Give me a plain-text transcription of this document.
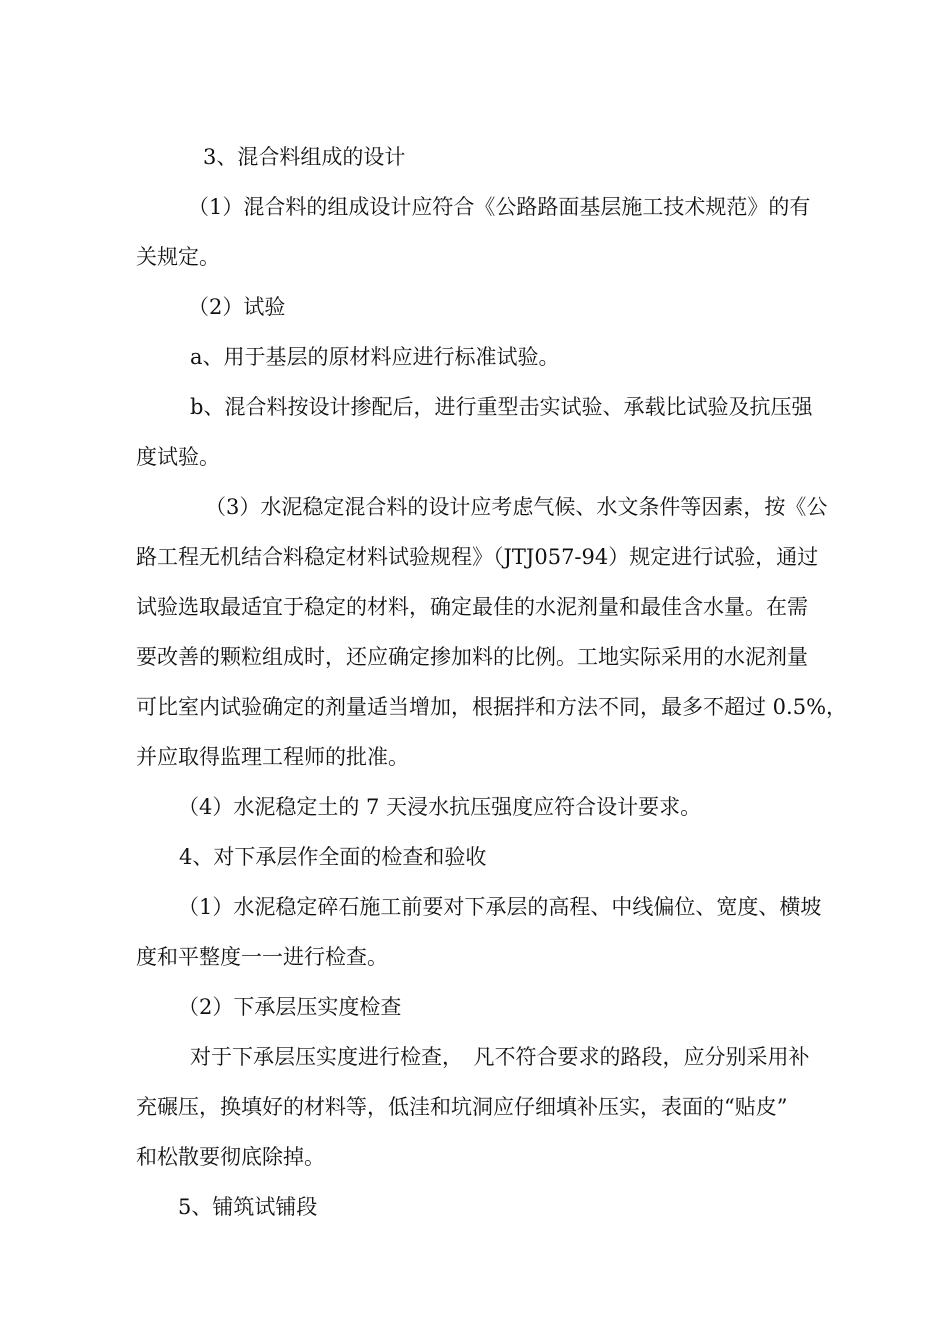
3、混合料组成的设计
（1）混合料的组成设计应符合《公路路面基层施工技术规范》的有
关规定。
（2）试验
a、用于基层的原材料应进行标准试验。
b、混合料按设计掺配后，进行重型击实试验、承载比试验及抗压强
度试验。
（3）水泥稳定混合料的设计应考虑气候、水文条件等因素，按《公
路工程无机结合料稳定材料试验规程》（JTJ057-94）规定进行试验，通过
试验选取最适宜于稳定的材料，确定最佳的水泥剂量和最佳含水量。在需
要改善的颗粒组成时，还应确定掺加料的比例。工地实际采用的水泥剂量
可比室内试验确定的剂量适当增加，根据拌和方法不同，最多不超过 0.5%，
并应取得监理工程师的批准。
（4）水泥稳定土的 7 天浸水抗压强度应符合设计要求。
4、对下承层作全面的检查和验收
（1）水泥稳定碎石施工前要对下承层的高程、中线偏位、宽度、横坡
度和平整度一一进行检查。
（2）下承层压实度检查
对于下承层压实度进行检查，　凡不符合要求的路段，应分别采用补
充碾压，换填好的材料等，低洼和坑洞应仔细填补压实，表面的“贴皮”
和松散要彻底除掉。
5、铺筑试铺段
